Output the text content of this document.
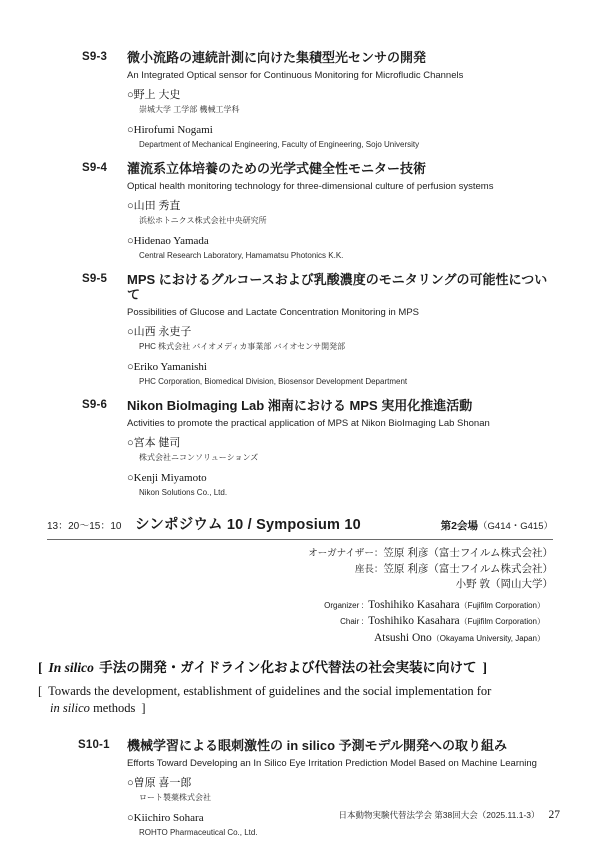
S9-3	微小流路の連続計測に向けた集積型光センサの開発
An Integrated Optical sensor for Continuous Monitoring for Microfludic Channels
○野上 大史
崇城大学 工学部 機械工学科
○Hirofumi Nogami
Department of Mechanical Engineering, Faculty of Engineering, Sojo University
S9-4	灌流系立体培養のための光学式健全性モニター技術
Optical health monitoring technology for three-dimensional culture of perfusion systems
○山田 秀直
浜松ホトニクス株式会社中央研究所
○Hidenao Yamada
Central Research Laboratory, Hamamatsu Photonics K.K.
S9-5	MPS におけるグルコースおよび乳酸濃度のモニタリングの可能性について
Possibilities of Glucose and Lactate Concentration Monitoring in MPS
○山西 永吏子
PHC 株式会社 バイオメディカ事業部 バイオセンサ開発部
○Eriko Yamanishi
PHC Corporation, Biomedical Division, Biosensor Development Department
S9-6	Nikon BioImaging Lab 湘南における MPS 実用化推進活動
Activities to promote the practical application of MPS at Nikon BioImaging Lab Shonan
○宮本 健司
株式会社ニコンソリューションズ
○Kenji Miyamoto
Nikon Solutions Co., Ltd.
13：20～15：10 シンポジウム 10 / Symposium 10	第2会場（G414・G415）
オーガナイザー：笠原 利彦（富士フイルム株式会社）
座長：笠原 利彦（富士フイルム株式会社）
小野 敦（岡山大学）
Organizer : Toshihiko Kasahara（Fujifilm Corporation）
Chair : Toshihiko Kasahara（Fujifilm Corporation）
Atsushi Ono（Okayama University, Japan）
[ In silico 手法の開発・ガイドライン化および代替法の社会実装に向けて ]
[ Towards the development, establishment of guidelines and the social implementation for
in silico methods ]
S10-1	機械学習による眼刺激性の in silico 予測モデル開発への取り組み
Efforts Toward Developing an In Silico Eye Irritation Prediction Model Based on Machine Learning
○曽原 喜一郎
ロート製薬株式会社
○Kiichiro Sohara
ROHTO Pharmaceutical Co., Ltd.
日本動物実験代替法学会 第38回大会（2025.11.1-3） 27
